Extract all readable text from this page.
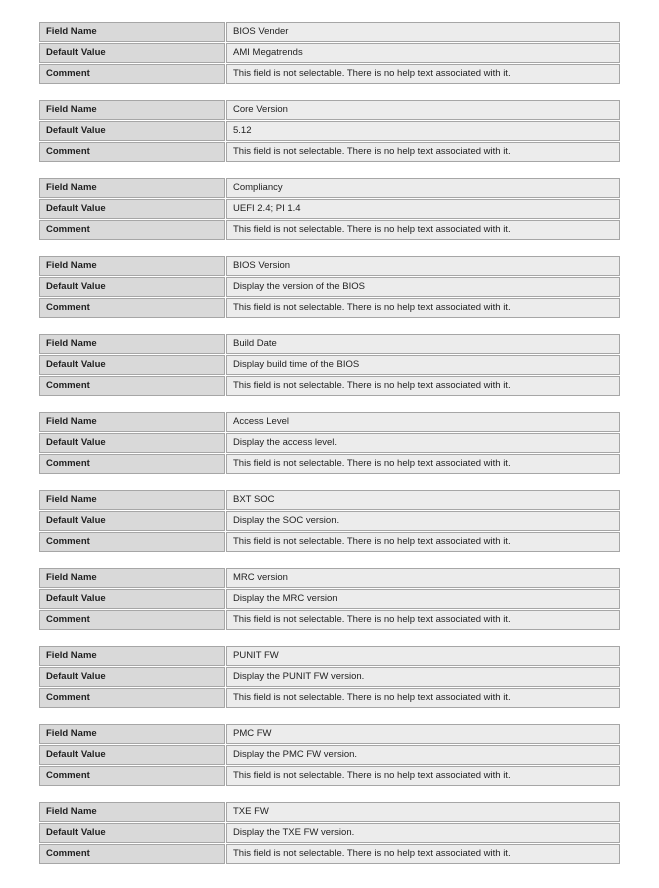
Field Name	BIOS Vender
Default Value	AMI Megatrends
Comment	This field is not selectable. There is no help text associated with it.
Field Name	Core Version
Default Value	5.12
Comment	This field is not selectable. There is no help text associated with it.
Field Name	Compliancy
Default Value	UEFI 2.4; PI 1.4
Comment	This field is not selectable. There is no help text associated with it.
Field Name	BIOS Version
Default Value	Display the version of the BIOS
Comment	This field is not selectable. There is no help text associated with it.
Field Name	Build Date
Default Value	Display build time of the BIOS
Comment	This field is not selectable. There is no help text associated with it.
Field Name	Access Level
Default Value	Display the access level.
Comment	This field is not selectable. There is no help text associated with it.
Field Name	BXT SOC
Default Value	Display the SOC version.
Comment	This field is not selectable. There is no help text associated with it.
Field Name	MRC version
Default Value	Display the MRC version
Comment	This field is not selectable. There is no help text associated with it.
Field Name	PUNIT FW
Default Value	Display the PUNIT FW version.
Comment	This field is not selectable. There is no help text associated with it.
Field Name	PMC FW
Default Value	Display the PMC FW version.
Comment	This field is not selectable. There is no help text associated with it.
Field Name	TXE FW
Default Value	Display the TXE FW version.
Comment	This field is not selectable. There is no help text associated with it.
